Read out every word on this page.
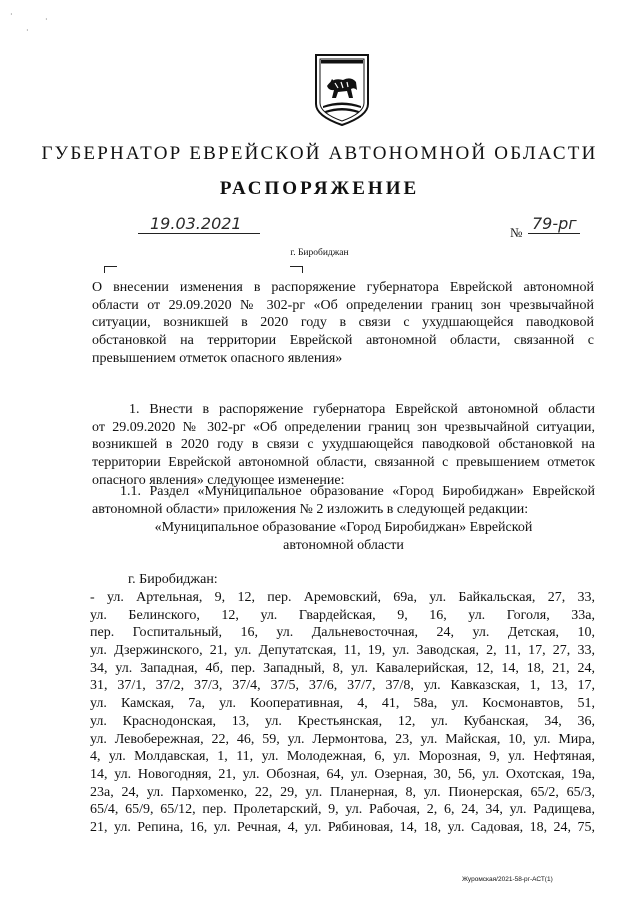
·
·
·
ГУБЕРНАТОР ЕВРЕЙСКОЙ АВТОНОМНОЙ ОБЛАСТИ
РАСПОРЯЖЕНИЕ
19.03.2021	№ 79-рг
г. Биробиджан
О внесении изменения в распоряжение губернатора Еврейской автономной
области от 29.09.2020 № 302-рг «Об определении границ зон чрезвычайной
ситуации, возникшей в 2020 году в связи с ухудшающейся паводковой
обстановкой на территории Еврейской автономной области, связанной с
превышением отметок опасного явления»
1. Внести в распоряжение губернатора Еврейской автономной области
от 29.09.2020 № 302-рг «Об определении границ зон чрезвычайной ситуации,
возникшей в 2020 году в связи с ухудшающейся паводковой обстановкой на
территории Еврейской автономной области, связанной с превышением отметок
опасного явления» следующее изменение:
1.1. Раздел «Муниципальное образование «Город Биробиджан» Еврейской
автономной области» приложения № 2 изложить в следующей редакции:
«Муниципальное образование «Город Биробиджан» Еврейской
автономной области
г. Биробиджан:
- ул. Артельная, 9, 12, пер. Аремовский, 69а, ул. Байкальская, 27, 33,
ул. Белинского, 12, ул. Гвардейская, 9, 16, ул. Гоголя, 33а,
пер. Госпитальный, 16, ул. Дальневосточная, 24, ул. Детская, 10,
ул. Дзержинского, 21, ул. Депутатская, 11, 19, ул. Заводская, 2, 11, 17, 27, 33,
34, ул. Западная, 4б, пер. Западный, 8, ул. Кавалерийская, 12, 14, 18, 21, 24,
31, 37/1, 37/2, 37/3, 37/4, 37/5, 37/6, 37/7, 37/8, ул. Кавказская, 1, 13, 17,
ул. Камская, 7а, ул. Кооперативная, 4, 41, 58а, ул. Космонавтов, 51,
ул. Краснодонская, 13, ул. Крестьянская, 12, ул. Кубанская, 34, 36,
ул. Левобережная, 22, 46, 59, ул. Лермонтова, 23, ул. Майская, 10, ул. Мира,
4, ул. Молдавская, 1, 11, ул. Молодежная, 6, ул. Морозная, 9, ул. Нефтяная,
14, ул. Новогодняя, 21, ул. Обозная, 64, ул. Озерная, 30, 56, ул. Охотская, 19а,
23а, 24, ул. Пархоменко, 22, 29, ул. Планерная, 8, ул. Пионерская, 65/2, 65/3,
65/4, 65/9, 65/12, пер. Пролетарский, 9, ул. Рабочая, 2, 6, 24, 34, ул. Радищева,
21, ул. Репина, 16, ул. Речная, 4, ул. Рябиновая, 14, 18, ул. Садовая, 18, 24, 75,
Журомская/2021-58-рг-АСТ(1)
